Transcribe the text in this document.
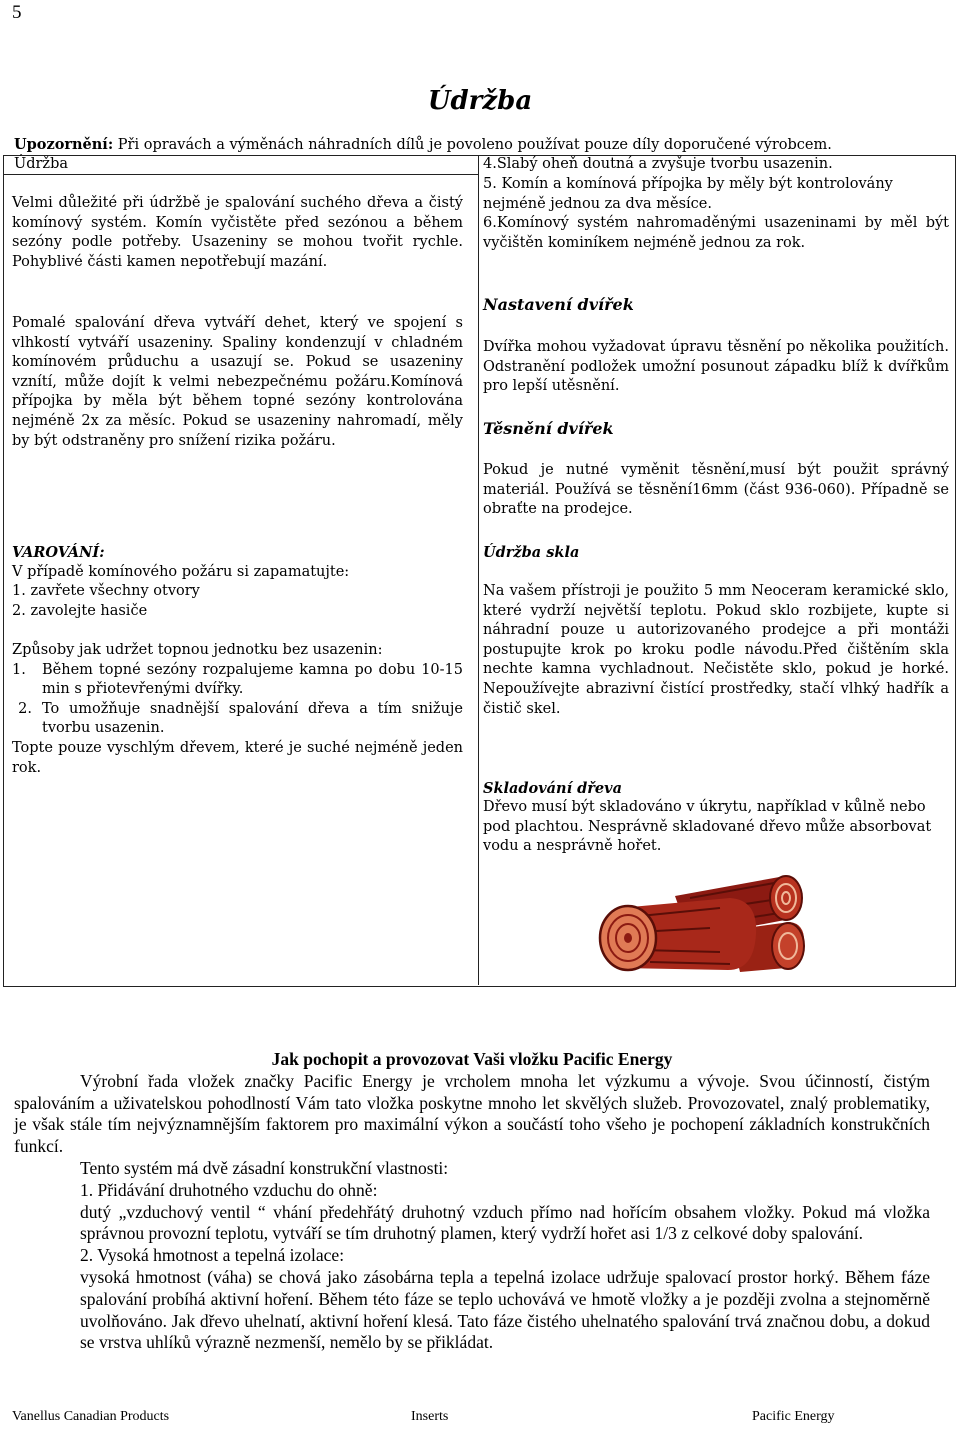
5
Údržba
Upozornění: Při opravách a výměnách náhradních dílů je povoleno používat pouze díly doporučené výrobcem.
Údržba

Velmi důležité při údržbě je spalování suchého dřeva a čistý komínový systém. Komín vyčistěte před sezónou a během sezóny podle potřeby. Usazeniny se mohou tvořit rychle. Pohyblivé části kamen nepotřebují mazání.

Pomalé spalování dřeva vytváří dehet, který ve spojení s vlhkostí vytváří usazeniny. Spaliny kondenzují v chladném komínovém průduchu a usazují se. Pokud se usazeniny vznítí, může dojít k velmi nebezpečnému požáru.Komínová přípojka by měla být během topné sezóny kontrolována nejméně 2x za měsíc. Pokud se usazeniny nahromadí, měly by být odstraněny pro snížení rizika požáru.

VAROVÁNÍ:

V případě komínového požáru si zapamatujte:

1. zavřete všechny otvory

2. zavolejte hasiče

Způsoby jak udržet topnou jednotku bez usazenin:

1.	Během topné sezóny rozpalujeme kamna po dobu 10-15 min s přiotevřenými dvířky.
2. To umožňuje snadnější spalování dřeva a tím snižuje tvorbu usazenin.

Topte pouze vyschlým dřevem, které je suché nejméně jeden rok.

4.Slabý oheň doutná a zvyšuje tvorbu usazenin.

5. Komín a komínová přípojka by měly být kontrolovány nejméně jednou za dva měsíce.

6.Komínový systém nahromaděnými usazeninami by měl být vyčištěn kominíkem nejméně jednou za rok.

Nastavení dvířek

Dvířka mohou vyžadovat úpravu těsnění po několika použitích. Odstranění podložek umožní posunout západku blíž k dvířkům pro lepší utěsnění.

Těsnění dvířek

Pokud je nutné vyměnit těsnění,musí být použit správný materiál. Používá se těsnění16mm (část 936-060). Případně se obraťte na prodejce.

Údržba skla

Na vašem přístroji je použito 5 mm Neoceram keramické sklo, které vydrží největší teplotu. Pokud sklo rozbijete, kupte si náhradní pouze u autorizovaného prodejce a při montáži postupujte krok po kroku podle návodu.Před čištěním skla nechte kamna vychladnout. Nečistěte sklo, pokud je horké. Nepoužívejte abrazivní čistící prostředky, stačí vlhký hadřík a čistič skel.

Skladování dřeva

Dřevo musí být skladováno v úkrytu, například v kůlně nebo pod plachtou. Nesprávně skladované dřevo může absorbovat vodu a nesprávně hořet.

Jak pochopit a provozovat Vaši vložku Pacific Energy

Výrobní řada vložek značky Pacific Energy je vrcholem mnoha let výzkumu a vývoje. Svou účinností, čistým spalováním a uživatelskou pohodlností Vám tato vložka poskytne mnoho let skvělých služeb. Provozovatel, znalý problematiky, je však stále tím nejvýznamnějším faktorem pro maximální výkon a součástí toho všeho je pochopení základních konstrukčních funkcí.

Tento systém má dvě zásadní konstrukční vlastnosti:

1. Přidávání druhotného vzduchu do ohně:

dutý „vzduchový ventil “ vhání předehřátý druhotný vzduch přímo nad hořícím obsahem vložky. Pokud má vložka správnou provozní teplotu, vytváří se tím druhotný plamen, který vydrží hořet asi 1/3 z celkové doby spalování.

2. Vysoká hmotnost a tepelná izolace:

vysoká hmotnost (váha) se chová jako zásobárna tepla a tepelná izolace udržuje spalovací prostor horký. Během fáze spalování probíhá aktivní hoření. Během této fáze se teplo uchovává ve hmotě vložky a je později zvolna a stejnoměrně uvolňováno. Jak dřevo uhelnatí, aktivní hoření klesá. Tato fáze čistého uhelnatého spalování trvá značnou dobu, a dokud se vrstva uhlíků výrazně nezmenší, nemělo by se přikládat.

Vanellus Canadian Products	Inserts	Pacific Energy
